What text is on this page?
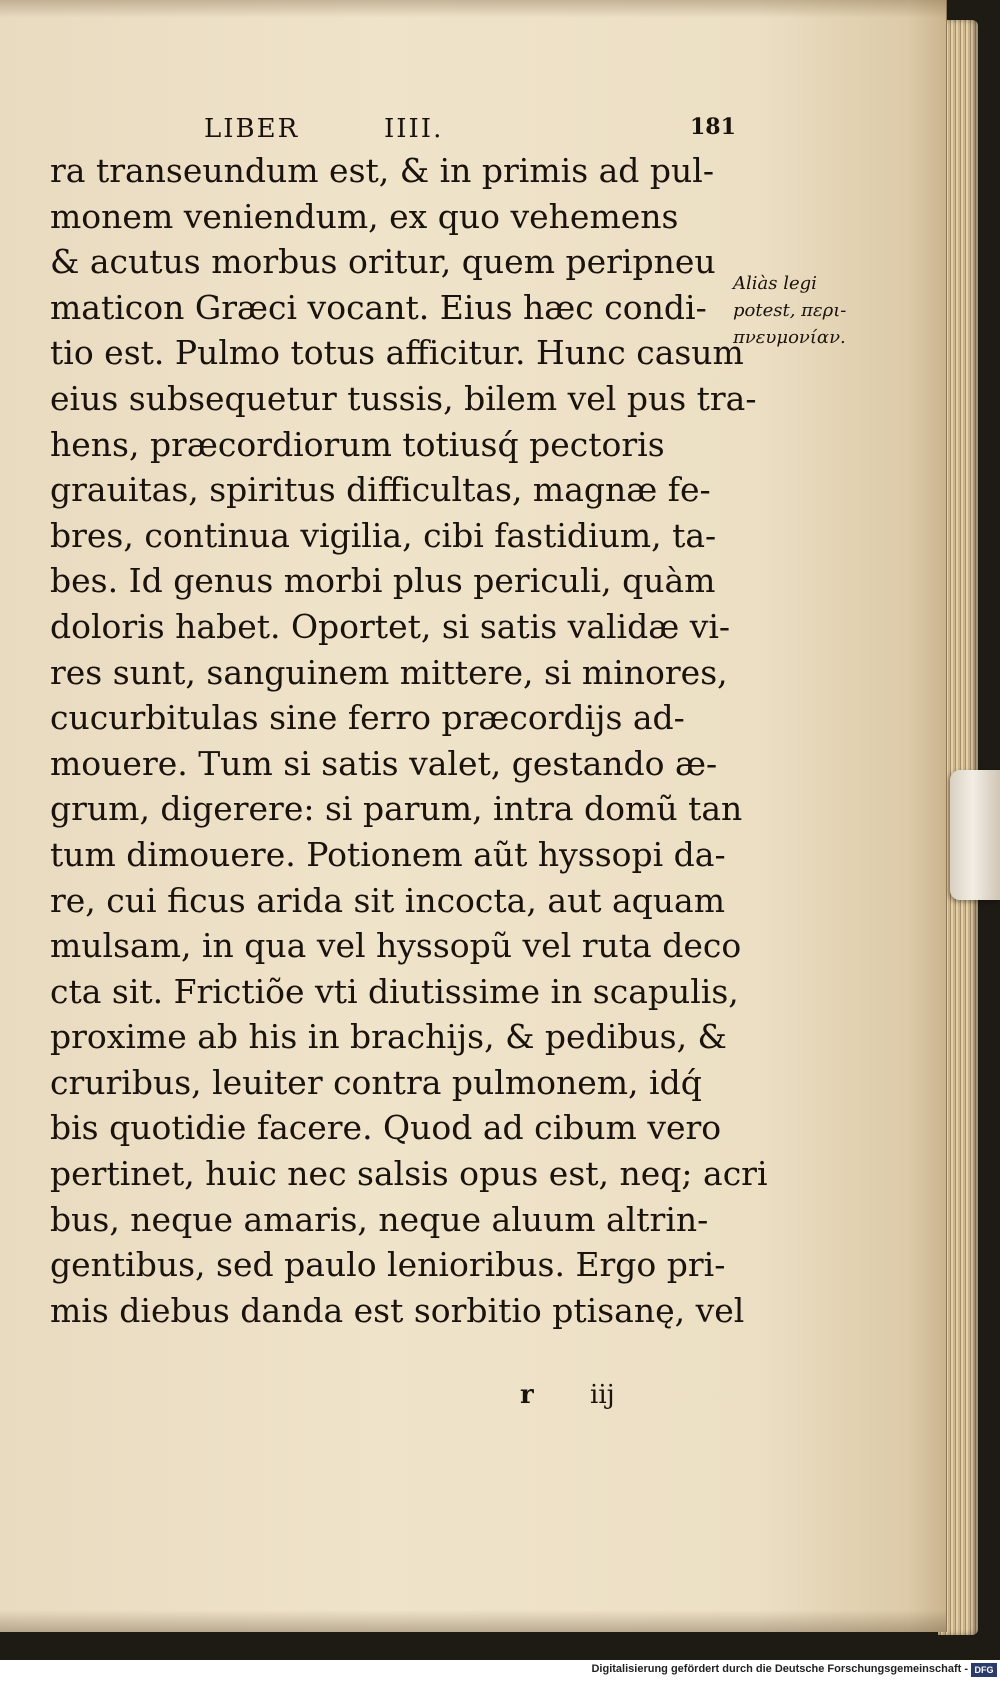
LIBER	IIII.	181
ra transeundum est, & in primis ad pul-
monem veniendum, ex quo vehemens
& acutus morbus oritur, quem peripneu
maticon Græci vocant. Eius hæc condi-
tio est. Pulmo totus afficitur. Hunc casum
eius subsequetur tussis, bilem vel pus tra-
hens, præcordiorum totiusq́ pectoris
grauitas, spiritus difficultas, magnæ fe-
bres, continua vigilia, cibi fastidium, ta-
bes. Id genus morbi plus periculi, quàm
doloris habet. Oportet, si satis validæ vi-
res sunt, sanguinem mittere, si minores,
cucurbitulas sine ferro præcordijs ad-
mouere. Tum si satis valet, gestando æ-
grum, digerere: si parum, intra domũ tan
tum dimouere. Potionem aũt hyssopi da-
re, cui ficus arida sit incocta, aut aquam
mulsam, in qua vel hyssopũ vel ruta deco
cta sit. Frictiõe vti diutissime in scapulis,
proxime ab his in brachijs, & pedibus, &
cruribus, leuiter contra pulmonem, idq́
bis quotidie facere. Quod ad cibum vero
pertinet, huic nec salsis opus est, neq; acri
bus, neque amaris, neque aluum altrin-
gentibus, sed paulo lenioribus. Ergo pri-
mis diebus danda est sorbitio ptisanę, vel
Aliàs legi
potest, περι-
πνευμονίαν.
r iij
Digitalisierung gefördert durch die Deutsche Forschungsgemeinschaft - DFG
